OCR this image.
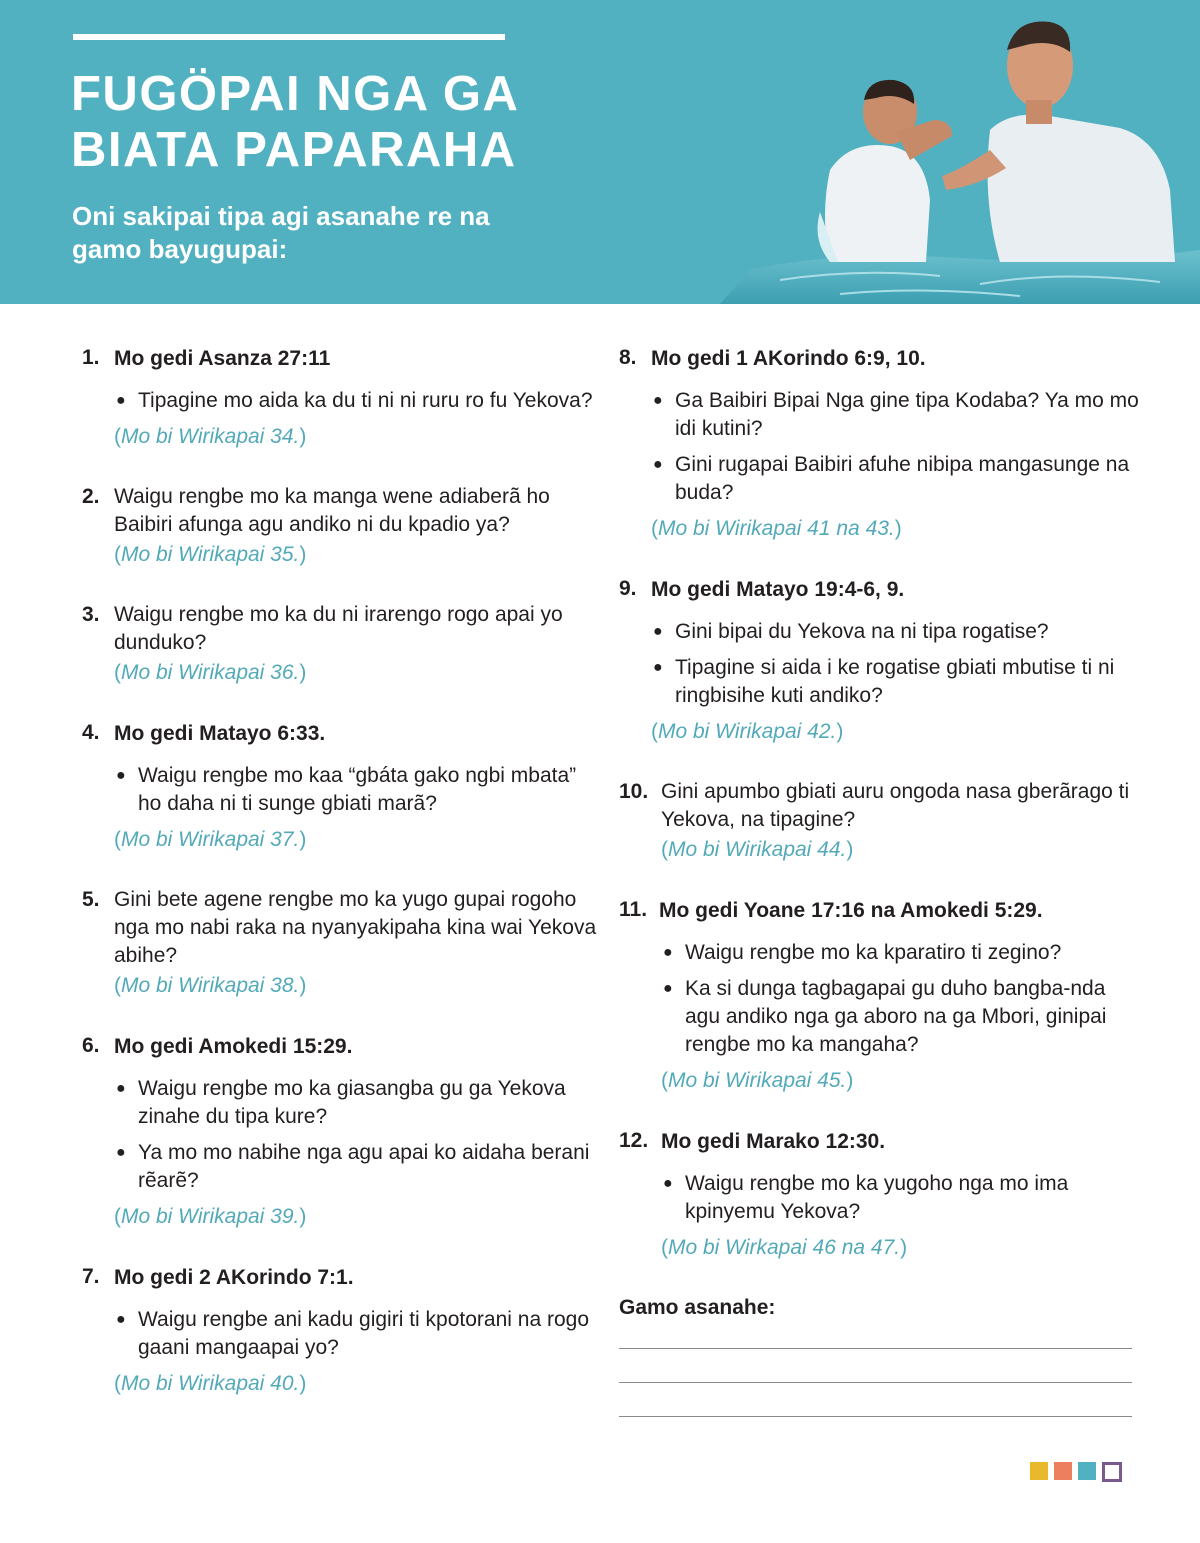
FUGÖPAI NGA GA
BIATA PAPARAHA

Oni sakipai tipa agi asanahe re na gamo bayugupai:

1. Mo gedi Asanza 27:11
● Tipagine mo aida ka du ti ni ni ruru ro fu Yekova?
(Mo bi Wirikapai 34.)
2. Waigu rengbe mo ka manga wene adiaberã ho Baibiri afunga agu andiko ni du kpadio ya?
(Mo bi Wirikapai 35.)
3. Waigu rengbe mo ka du ni irarengo rogo apai yo dunduko?
(Mo bi Wirikapai 36.)
4. Mo gedi Matayo 6:33.
● Waigu rengbe mo kaa “gbáta gako ngbi mbata” ho daha ni ti sunge gbiati marã?
(Mo bi Wirikapai 37.)
5. Gini bete agene rengbe mo ka yugo gupai rogoho nga mo nabi raka na nyanyakipaha kina wai Yekova abihe?
(Mo bi Wirikapai 38.)
6. Mo gedi Amokedi 15:29.
● Waigu rengbe mo ka giasangba gu ga Yekova zinahe du tipa kure?
● Ya mo mo nabihe nga agu apai ko aidaha berani rẽarẽ?
(Mo bi Wirikapai 39.)
7. Mo gedi 2 AKorindo 7:1.
● Waigu rengbe ani kadu gigiri ti kpotorani na rogo gaani mangaapai yo?
(Mo bi Wirikapai 40.)
8. Mo gedi 1 AKorindo 6:9, 10.
● Ga Baibiri Bipai Nga gine tipa Kodaba? Ya mo mo idi kutini?
● Gini rugapai Baibiri afuhe nibipa mangasunge na buda?
(Mo bi Wirikapai 41 na 43.)
9. Mo gedi Matayo 19:4-6, 9.
● Gini bipai du Yekova na ni tipa rogatise?
● Tipagine si aida i ke rogatise gbiati mbutise ti ni ringbisihe kuti andiko?
(Mo bi Wirikapai 42.)
10. Gini apumbo gbiati auru ongoda nasa gberãrago ti Yekova, na tipagine?
(Mo bi Wirikapai 44.)
11. Mo gedi Yoane 17:16 na Amokedi 5:29.
● Waigu rengbe mo ka kparatiro ti zegino?
● Ka si dunga tagbagapai gu duho bangba-nda agu andiko nga ga aboro na ga Mbori, ginipai rengbe mo ka mangaha?
(Mo bi Wirikapai 45.)
12. Mo gedi Marako 12:30.
● Waigu rengbe mo ka yugoho nga mo ima kpinyemu Yekova?
(Mo bi Wirkapai 46 na 47.)
Gamo asanahe:
